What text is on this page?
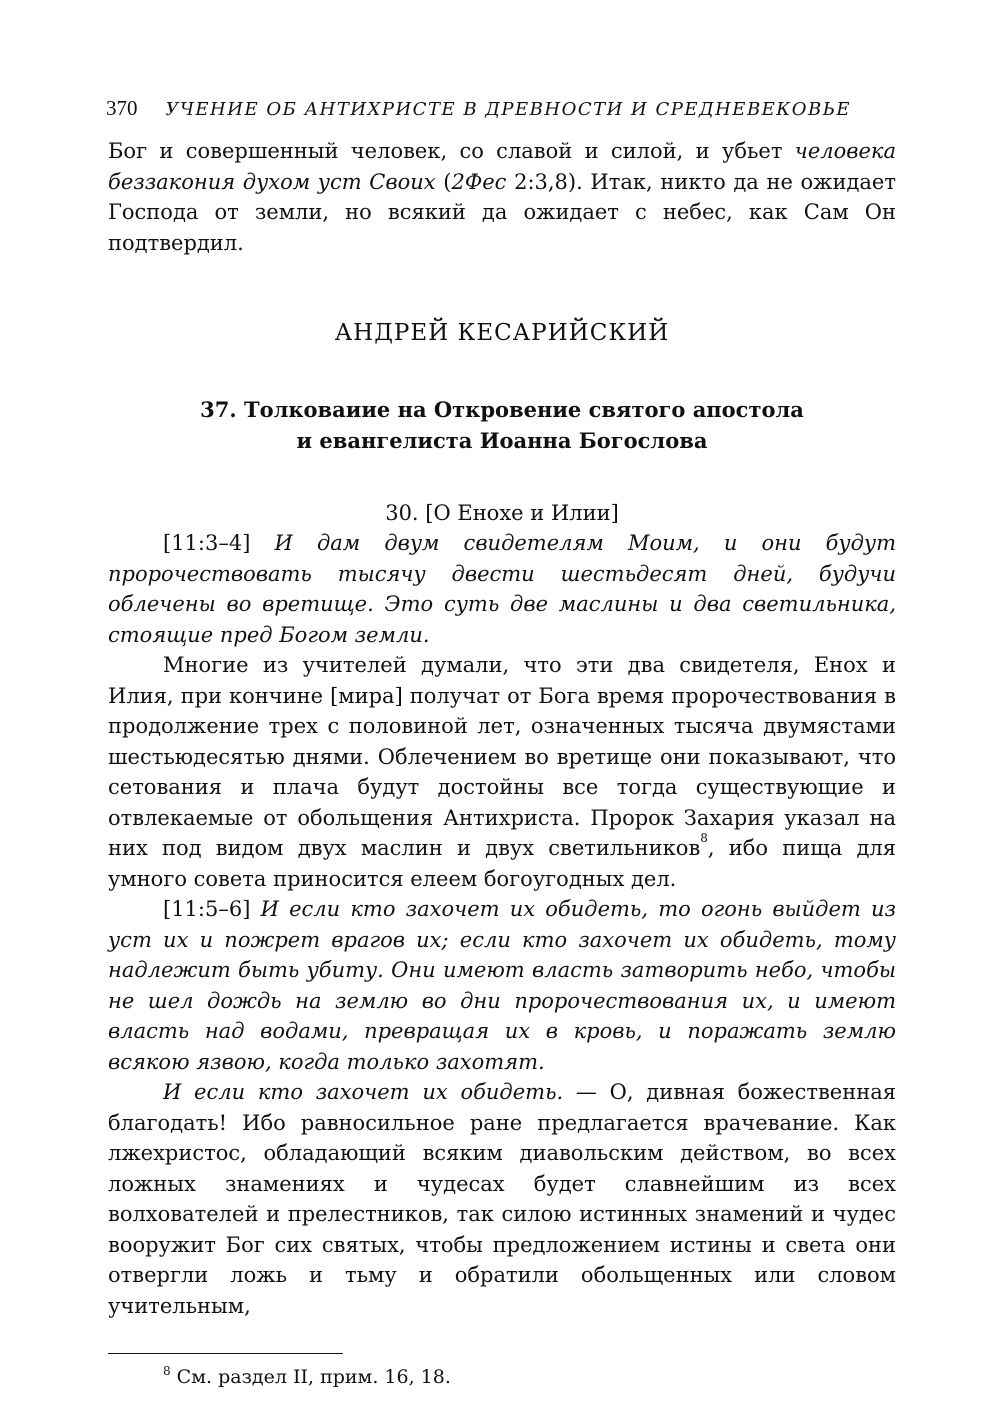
370 УЧЕНИЕ ОБ АНТИХРИСТЕ В ДРЕВНОСТИ И СРЕДНЕВЕКОВЬЕ

Бог и совершенный человек, со славой и силой, и убьет человека беззакония духом уст Своих (2Фес 2:3,8). Итак, никто да не ожидает Господа от земли, но всякий да ожидает с небес, как Сам Он подтвердил.

АНДРЕЙ КЕСАРИЙСКИЙ
37. Толковаиие на Откровение святого апостола
и евангелиста Иоанна Богослова
30. [О Енохе и Илии]

[11:3–4] И дам двум свидетелям Моим, и они будут пророчествовать тысячу двести шестьдесят дней, будучи облечены во вретище. Это суть две маслины и два светильника, стоящие пред Богом земли.

Многие из учителей думали, что эти два свидетеля, Енох и Илия, при кончине [мира] получат от Бога время пророчествования в продолжение трех с половиной лет, означенных тысяча двумястами шестьюдесятью днями. Облечением во вретище они показывают, что сетования и плача будут достойны все тогда существующие и отвлекаемые от обольщения Антихриста. Пророк Захария указал на них под видом двух маслин и двух светильников$^8$, ибо пища для умного совета приносится елеем богоугодных дел.

[11:5–6] И если кто захочет их обидеть, то огонь выйдет из уст их и пожрет врагов их; если кто захочет их обидеть, тому надлежит быть убиту. Они имеют власть затворить небо, чтобы не шел дождь на землю во дни пророчествования их, и имеют власть над водами, превращая их в кровь, и поражать землю всякою язвою, когда только захотят.

И если кто захочет их обидеть. — О, дивная божественная благодать! Ибо равносильное ране предлагается врачевание. Как лжехристос, обладающий всяким диавольским действом, во всех ложных знамениях и чудесах будет славнейшим из всех волхователей и прелестников, так силою истинных знамений и чудес вооружит Бог сих святых, чтобы предложением истины и света они отвергли ложь и тьму и обратили обольщенных или словом учительным,

$^8$ См. раздел II, прим. 16, 18.
